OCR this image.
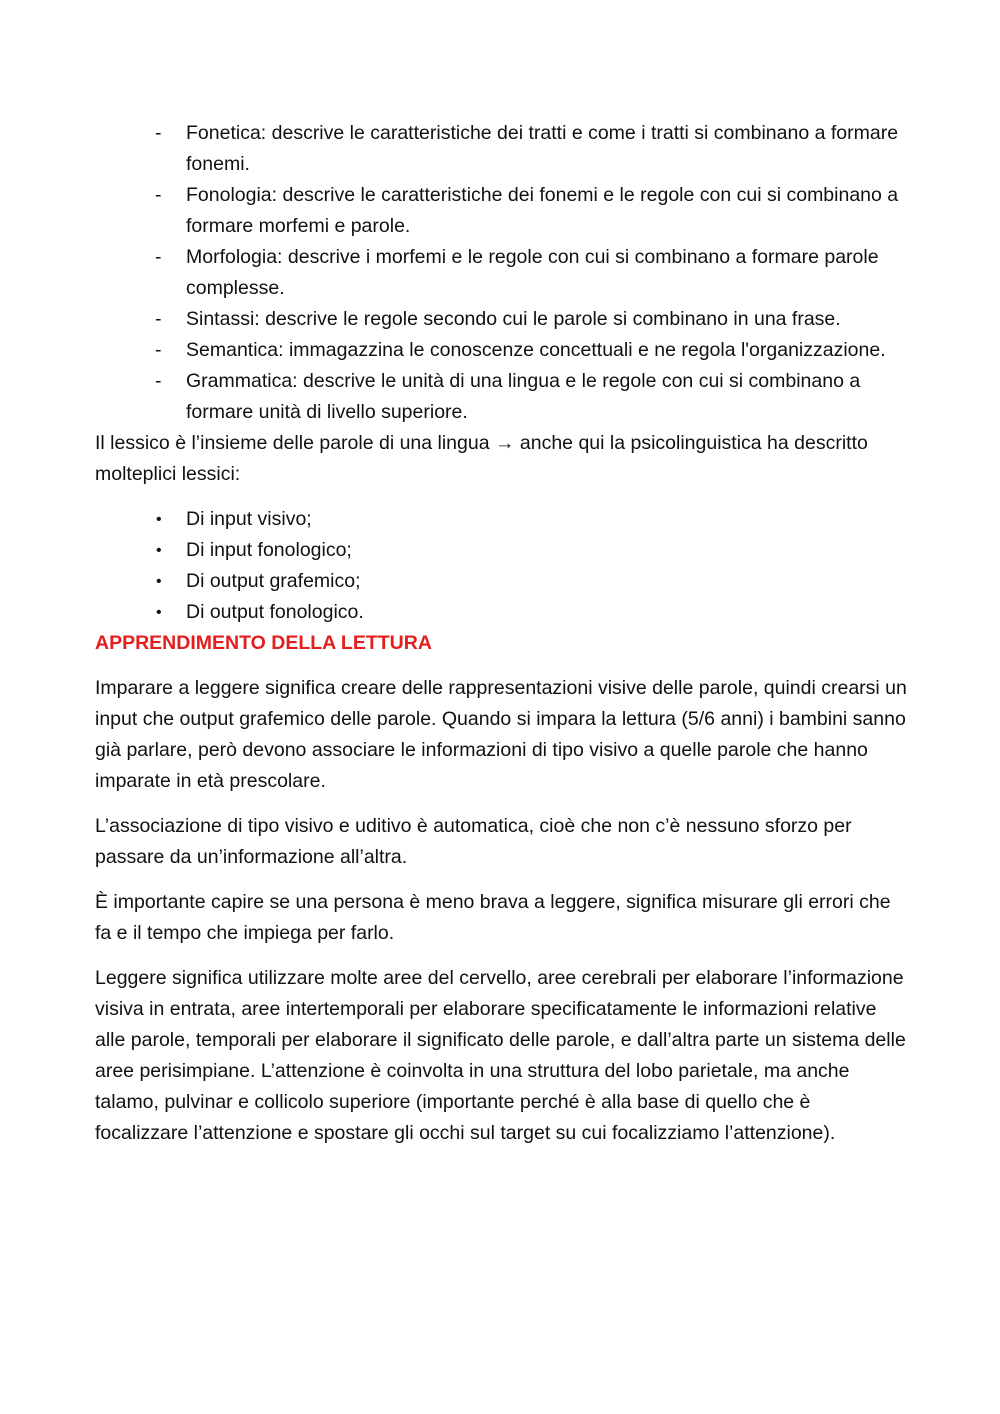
- Fonetica: descrive le caratteristiche dei tratti e come i tratti si combinano a formare fonemi.
- Fonologia: descrive le caratteristiche dei fonemi e le regole con cui si combinano a formare morfemi e parole.
- Morfologia: descrive i morfemi e le regole con cui si combinano a formare parole complesse.
- Sintassi: descrive le regole secondo cui le parole si combinano in una frase.
- Semantica: immagazzina le conoscenze concettuali e ne regola l'organizzazione.
- Grammatica: descrive le unità di una lingua e le regole con cui si combinano a formare unità di livello superiore.

Il lessico è l’insieme delle parole di una lingua → anche qui la psicolinguistica ha descritto molteplici lessici:

• Di input visivo;
• Di input fonologico;
• Di output grafemico;
• Di output fonologico.

APPRENDIMENTO DELLA LETTURA

Imparare a leggere significa creare delle rappresentazioni visive delle parole, quindi crearsi un input che output grafemico delle parole. Quando si impara la lettura (5/6 anni) i bambini sanno già parlare, però devono associare le informazioni di tipo visivo a quelle parole che hanno imparate in età prescolare.

L’associazione di tipo visivo e uditivo è automatica, cioè che non c’è nessuno sforzo per passare da un’informazione all’altra.

È importante capire se una persona è meno brava a leggere, significa misurare gli errori che fa e il tempo che impiega per farlo.

Leggere significa utilizzare molte aree del cervello, aree cerebrali per elaborare l’informazione visiva in entrata, aree intertemporali per elaborare specificatamente le informazioni relative alle parole, temporali per elaborare il significato delle parole, e dall’altra parte un sistema delle aree perisimpiane. L’attenzione è coinvolta in una struttura del lobo parietale, ma anche talamo, pulvinar e collicolo superiore (importante perché è alla base di quello che è focalizzare l’attenzione e spostare gli occhi sul target su cui focalizziamo l’attenzione).
